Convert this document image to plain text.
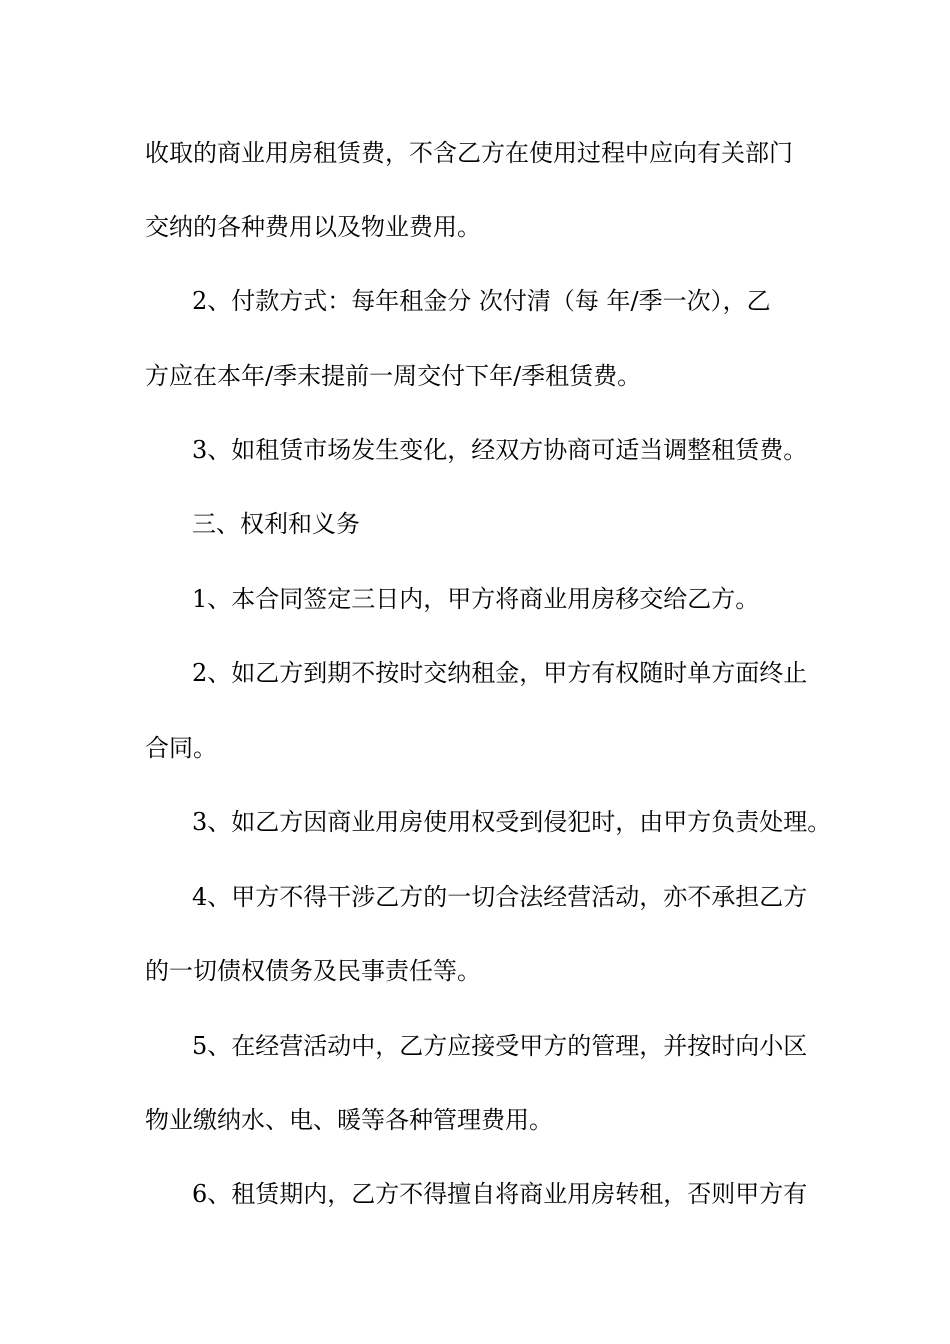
收取的商业用房租赁费，不含乙方在使用过程中应向有关部门
交纳的各种费用以及物业费用。
2、付款方式：每年租金分 次付清（每 年/季一次），乙
方应在本年/季末提前一周交付下年/季租赁费。
3、如租赁市场发生变化，经双方协商可适当调整租赁费。
三、权利和义务
1、本合同签定三日内，甲方将商业用房移交给乙方。
2、如乙方到期不按时交纳租金，甲方有权随时单方面终止
合同。
3、如乙方因商业用房使用权受到侵犯时，由甲方负责处理。
4、甲方不得干涉乙方的一切合法经营活动，亦不承担乙方
的一切债权债务及民事责任等。
5、在经营活动中，乙方应接受甲方的管理，并按时向小区
物业缴纳水、电、暖等各种管理费用。
6、租赁期内，乙方不得擅自将商业用房转租，否则甲方有
